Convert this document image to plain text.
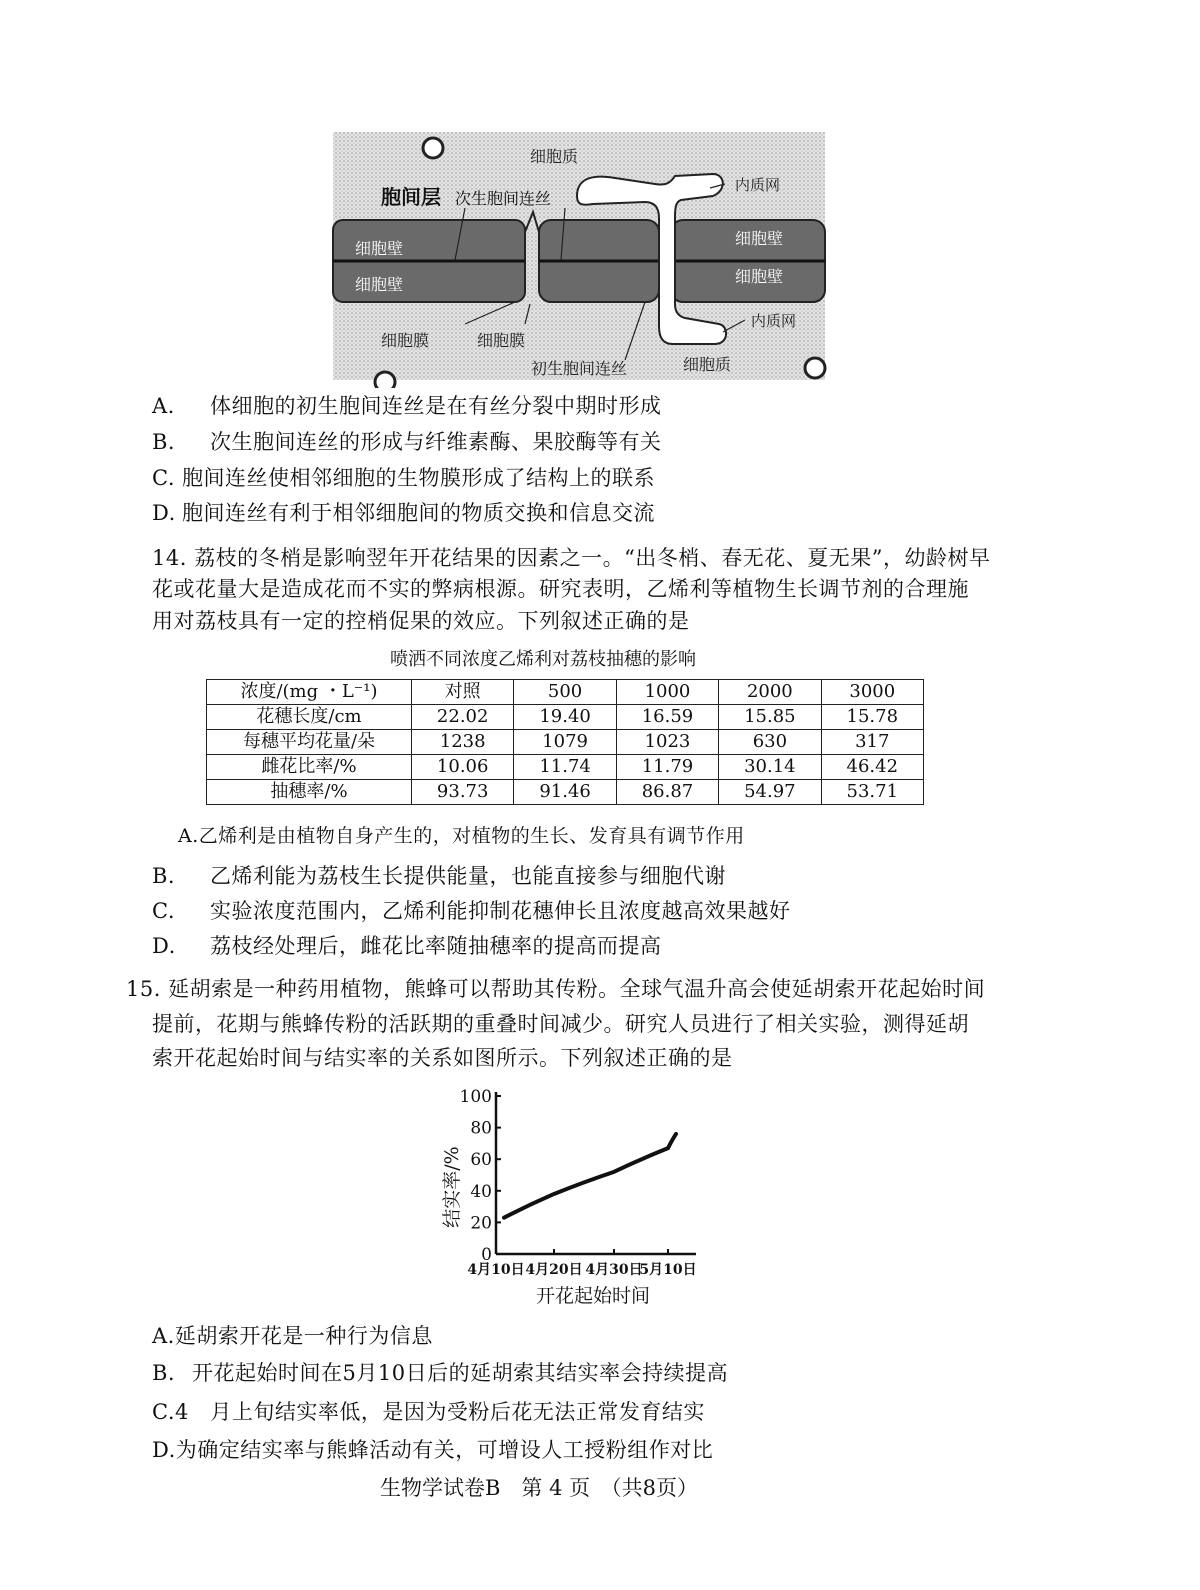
细胞质
胞间层 次生胞间连丝
内质网
细胞壁
细胞壁
细胞壁
细胞壁
内质网
细胞膜	细胞膜
初生胞间连丝	细胞质
A. 体细胞的初生胞间连丝是在有丝分裂中期时形成
B. 次生胞间连丝的形成与纤维素酶、果胶酶等有关
C. 胞间连丝使相邻细胞的生物膜形成了结构上的联系
D. 胞间连丝有利于相邻细胞间的物质交换和信息交流
14. 荔枝的冬梢是影响翌年开花结果的因素之一。“出冬梢、春无花、夏无果”，幼龄树早
花或花量大是造成花而不实的弊病根源。研究表明，乙烯利等植物生长调节剂的合理施
用对荔枝具有一定的控梢促果的效应。下列叙述正确的是
喷洒不同浓度乙烯利对荔枝抽穗的影响
浓度/(mg ・L⁻¹)	对照	500	1000	2000	3000
花穗长度/cm	22.02	19.40	16.59	15.85	15.78
每穗平均花量/朵	1238	1079	1023	630	317
雌花比率/%	10.06	11.74	11.79	30.14	46.42
抽穗率/%	93.73	91.46	86.87	54.97	53.71
A.乙烯利是由植物自身产生的，对植物的生长、发育具有调节作用
B. 乙烯利能为荔枝生长提供能量，也能直接参与细胞代谢
C. 实验浓度范围内，乙烯利能抑制花穗伸长且浓度越高效果越好
D. 荔枝经处理后，雌花比率随抽穗率的提高而提高
15. 延胡索是一种药用植物，熊蜂可以帮助其传粉。全球气温升高会使延胡索开花起始时间
提前，花期与熊蜂传粉的活跃期的重叠时间减少。研究人员进行了相关实验，测得延胡
索开花起始时间与结实率的关系如图所示。下列叙述正确的是
0
20
40
60
80
100
4月10日 4月20日 4月30日
5月10日
结实率/%
开花起始时间
A.延胡索开花是一种行为信息
B. 开花起始时间在5月10日后的延胡索其结实率会持续提高
C.4　月上旬结实率低，是因为受粉后花无法正常发育结实
D.为确定结实率与熊蜂活动有关，可增设人工授粉组作对比
生物学试卷B　第 4 页　（共8页）
